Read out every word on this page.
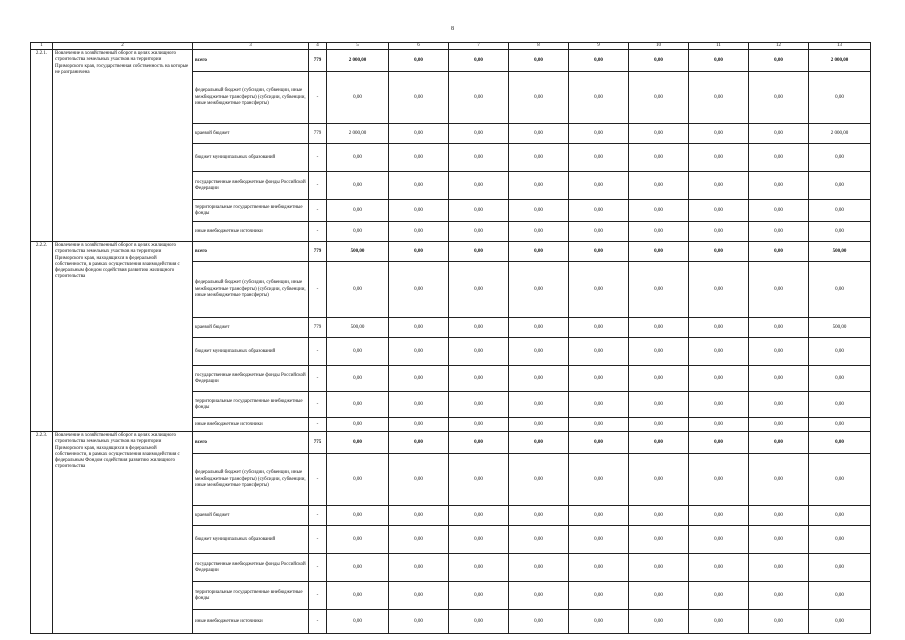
8
1	2	3	4	5	6	7	8	9	10	11	12	13
2.2.1.	Вовлечение в хозяйственный оборот в целях жилищного строительства земельных участков на территории Приморского края, государственная собственность на которые не разграничена	всего	779	2 000,00	0,00	0,00	0,00	0,00	0,00	0,00	0,00	2 000,00
		федеральный бюджет (субсидии, субвенции, иные межбюджетные трансферты) (субсидии, субвенции, иные межбюджетные трансферты)	-	0,00	0,00	0,00	0,00	0,00	0,00	0,00	0,00	0,00
		краевой бюджет	779	2 000,00	0,00	0,00	0,00	0,00	0,00	0,00	0,00	2 000,00
		бюджет муниципальных образований	-	0,00	0,00	0,00	0,00	0,00	0,00	0,00	0,00	0,00
		государственные внебюджетные фонды Российской Федерации	-	0,00	0,00	0,00	0,00	0,00	0,00	0,00	0,00	0,00
		территориальные государственные внебюджетные фонды	-	0,00	0,00	0,00	0,00	0,00	0,00	0,00	0,00	0,00
		иные внебюджетные источники	-	0,00	0,00	0,00	0,00	0,00	0,00	0,00	0,00	0,00
2.2.2.	Вовлечение в хозяйственный оборот в целях жилищного строительства земельных участков на территории Приморского края, находящихся в федеральной собственности, в рамках осуществления взаимодействия с федеральным фондом содействия развитию жилищного строительства	всего	779	500,00	0,00	0,00	0,00	0,00	0,00	0,00	0,00	500,00
		федеральный бюджет (субсидии, субвенции, иные межбюджетные трансферты) (субсидии, субвенции, иные межбюджетные трансферты)	-	0,00	0,00	0,00	0,00	0,00	0,00	0,00	0,00	0,00
		краевой бюджет	779	500,00	0,00	0,00	0,00	0,00	0,00	0,00	0,00	500,00
		бюджет муниципальных образований	-	0,00	0,00	0,00	0,00	0,00	0,00	0,00	0,00	0,00
		государственные внебюджетные фонды Российской Федерации	-	0,00	0,00	0,00	0,00	0,00	0,00	0,00	0,00	0,00
		территориальные государственные внебюджетные фонды	-	0,00	0,00	0,00	0,00	0,00	0,00	0,00	0,00	0,00
		иные внебюджетные источники	-	0,00	0,00	0,00	0,00	0,00	0,00	0,00	0,00	0,00
2.2.3.	Вовлечение в хозяйственный оборот в целях жилищного строительства земельных участков на территории Приморского края, находящихся в федеральной собственности, в рамках осуществления взаимодействия с федеральным Фондом содействия развитию жилищного строительства	всего	775	0,00	0,00	0,00	0,00	0,00	0,00	0,00	0,00	0,00
		федеральный бюджет (субсидии, субвенции, иные межбюджетные трансферты) (субсидии, субвенции, иные межбюджетные трансферты)	-	0,00	0,00	0,00	0,00	0,00	0,00	0,00	0,00	0,00
		краевой бюджет	-	0,00	0,00	0,00	0,00	0,00	0,00	0,00	0,00	0,00
		бюджет муниципальных образований	-	0,00	0,00	0,00	0,00	0,00	0,00	0,00	0,00	0,00
		государственные внебюджетные фонды Российской Федерации	-	0,00	0,00	0,00	0,00	0,00	0,00	0,00	0,00	0,00
		территориальные государственные внебюджетные фонды	-	0,00	0,00	0,00	0,00	0,00	0,00	0,00	0,00	0,00
		иные внебюджетные источники	-	0,00	0,00	0,00	0,00	0,00	0,00	0,00	0,00	0,00
